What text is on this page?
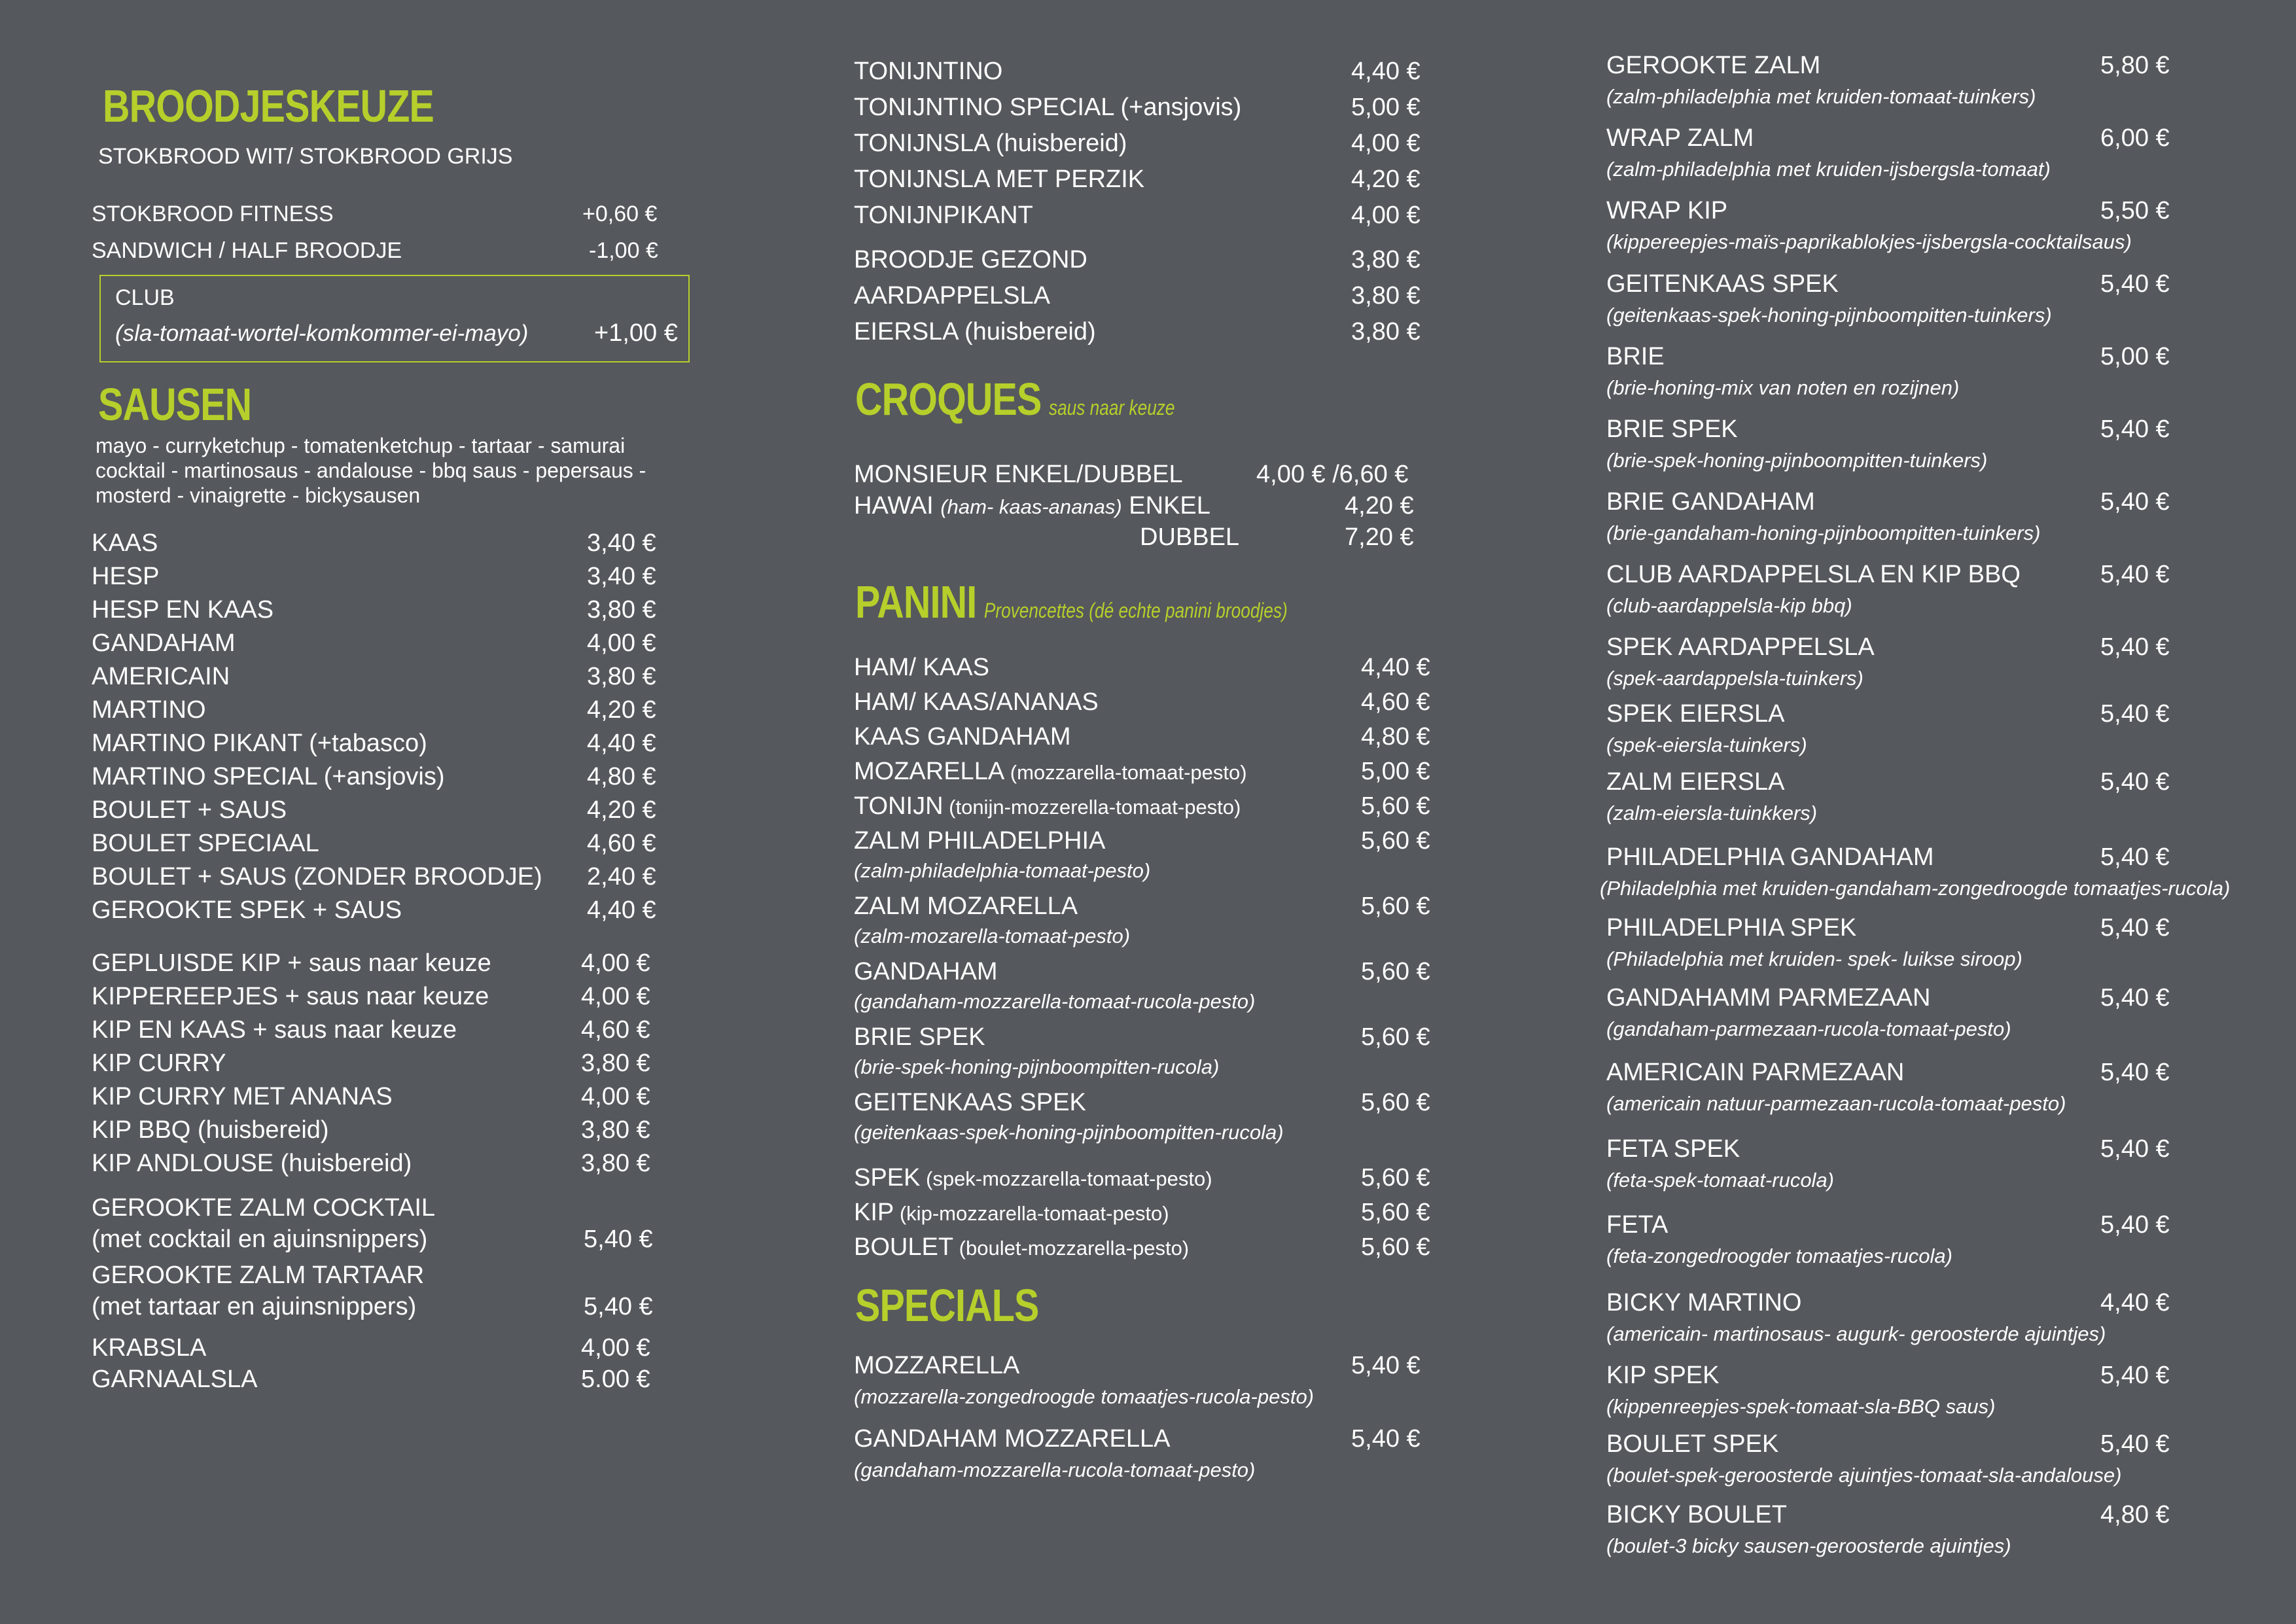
BROODJESKEUZE
STOKBROOD WIT/ STOKBROOD GRIJS
STOKBROOD FITNESS	+0,60 €
SANDWICH / HALF BROODJE	-1,00 €
CLUB
(sla-tomaat-wortel-komkommer-ei-mayo)	+1,00 €
SAUSEN
mayo - curryketchup - tomatenketchup - tartaar - samurai cocktail - martinosaus - andalouse - bbq saus - pepersaus - mosterd - vinaigrette - bickysausen
KAAS	3,40 €
HESP	3,40 €
HESP EN KAAS	3,80 €
GANDAHAM	4,00 €
AMERICAIN	3,80 €
MARTINO	4,20 €
MARTINO PIKANT (+tabasco)	4,40 €
MARTINO SPECIAL (+ansjovis)	4,80 €
BOULET + SAUS	4,20 €
BOULET SPECIAAL	4,60 €
BOULET + SAUS (ZONDER BROODJE) 2,40 €
GEROOKTE SPEK + SAUS	4,40 €
GEPLUISDE KIP + saus naar keuze	4,00 €
KIPPEREEPJES + saus naar keuze	4,00 €
KIP EN KAAS + saus naar keuze	4,60 €
KIP CURRY	3,80 €
KIP CURRY MET ANANAS	4,00 €
KIP BBQ (huisbereid)	3,80 €
KIP ANDLOUSE (huisbereid)	3,80 €
GEROOKTE ZALM COCKTAIL
(met cocktail en ajuinsnippers)	5,40 €
GEROOKTE ZALM TARTAAR
(met tartaar en ajuinsnippers)	5,40 €
KRABSLA	4,00 €
GARNAALSLA	5.00 €
TONIJNTINO	4,40 €
TONIJNTINO SPECIAL (+ansjovis)	5,00 €
TONIJNSLA (huisbereid)	4,00 €
TONIJNSLA MET PERZIK	4,20 €
TONIJNPIKANT	4,00 €
BROODJE GEZOND	3,80 €
AARDAPPELSLA	3,80 €
EIERSLA (huisbereid)	3,80 €
CROQUES saus naar keuze
MONSIEUR ENKEL/DUBBEL	4,00 € /6,60 €
HAWAI (ham- kaas-ananas) ENKEL	4,20 €
DUBBEL	7,20 €
PANINI Provencettes (dé echte panini broodjes)
HAM/ KAAS	4,40 €
HAM/ KAAS/ANANAS	4,60 €
KAAS GANDAHAM	4,80 €
MOZARELLA (mozzarella-tomaat-pesto)	5,00 €
TONIJN (tonijn-mozzerella-tomaat-pesto)	5,60 €
ZALM PHILADELPHIA	5,60 €
(zalm-philadelphia-tomaat-pesto)
ZALM MOZARELLA	5,60 €
(zalm-mozarella-tomaat-pesto)
GANDAHAM	5,60 €
(gandaham-mozzarella-tomaat-rucola-pesto)
BRIE SPEK	5,60 €
(brie-spek-honing-pijnboompitten-rucola)
GEITENKAAS SPEK	5,60 €
(geitenkaas-spek-honing-pijnboompitten-rucola)
SPEK (spek-mozzarella-tomaat-pesto)	5,60 €
KIP (kip-mozzarella-tomaat-pesto)	5,60 €
BOULET (boulet-mozzarella-pesto)	5,60 €
SPECIALS
MOZZARELLA	5,40 €
(mozzarella-zongedroogde tomaatjes-rucola-pesto)
GANDAHAM MOZZARELLA	5,40 €
(gandaham-mozzarella-rucola-tomaat-pesto)
GEROOKTE ZALM	5,80 €
(zalm-philadelphia met kruiden-tomaat-tuinkers)
WRAP ZALM	6,00 €
(zalm-philadelphia met kruiden-ijsbergsla-tomaat)
WRAP KIP	5,50 €
(kippereepjes-maïs-paprikablokjes-ijsbergsla-cocktailsaus)
GEITENKAAS SPEK	5,40 €
(geitenkaas-spek-honing-pijnboompitten-tuinkers)
BRIE	5,00 €
(brie-honing-mix van noten en rozijnen)
BRIE SPEK	5,40 €
(brie-spek-honing-pijnboompitten-tuinkers)
BRIE GANDAHAM	5,40 €
(brie-gandaham-honing-pijnboompitten-tuinkers)
CLUB AARDAPPELSLA EN KIP BBQ	5,40 €
(club-aardappelsla-kip bbq)
SPEK AARDAPPELSLA	5,40 €
(spek-aardappelsla-tuinkers)
SPEK EIERSLA	5,40 €
(spek-eiersla-tuinkers)
ZALM EIERSLA	5,40 €
(zalm-eiersla-tuinkkers)
PHILADELPHIA GANDAHAM	5,40 €
(Philadelphia met kruiden-gandaham-zongedroogde tomaatjes-rucola)
PHILADELPHIA SPEK	5,40 €
(Philadelphia met kruiden- spek- luikse siroop)
GANDAHAMM PARMEZAAN	5,40 €
(gandaham-parmezaan-rucola-tomaat-pesto)
AMERICAIN PARMEZAAN	5,40 €
(americain natuur-parmezaan-rucola-tomaat-pesto)
FETA SPEK	5,40 €
(feta-spek-tomaat-rucola)
FETA	5,40 €
(feta-zongedroogder tomaatjes-rucola)
BICKY MARTINO	4,40 €
(americain- martinosaus- augurk- geroosterde ajuintjes)
KIP SPEK	5,40 €
(kippenreepjes-spek-tomaat-sla-BBQ saus)
BOULET SPEK	5,40 €
(boulet-spek-geroosterde ajuintjes-tomaat-sla-andalouse)
BICKY BOULET	4,80 €
(boulet-3 bicky sausen-geroosterde ajuintjes)
